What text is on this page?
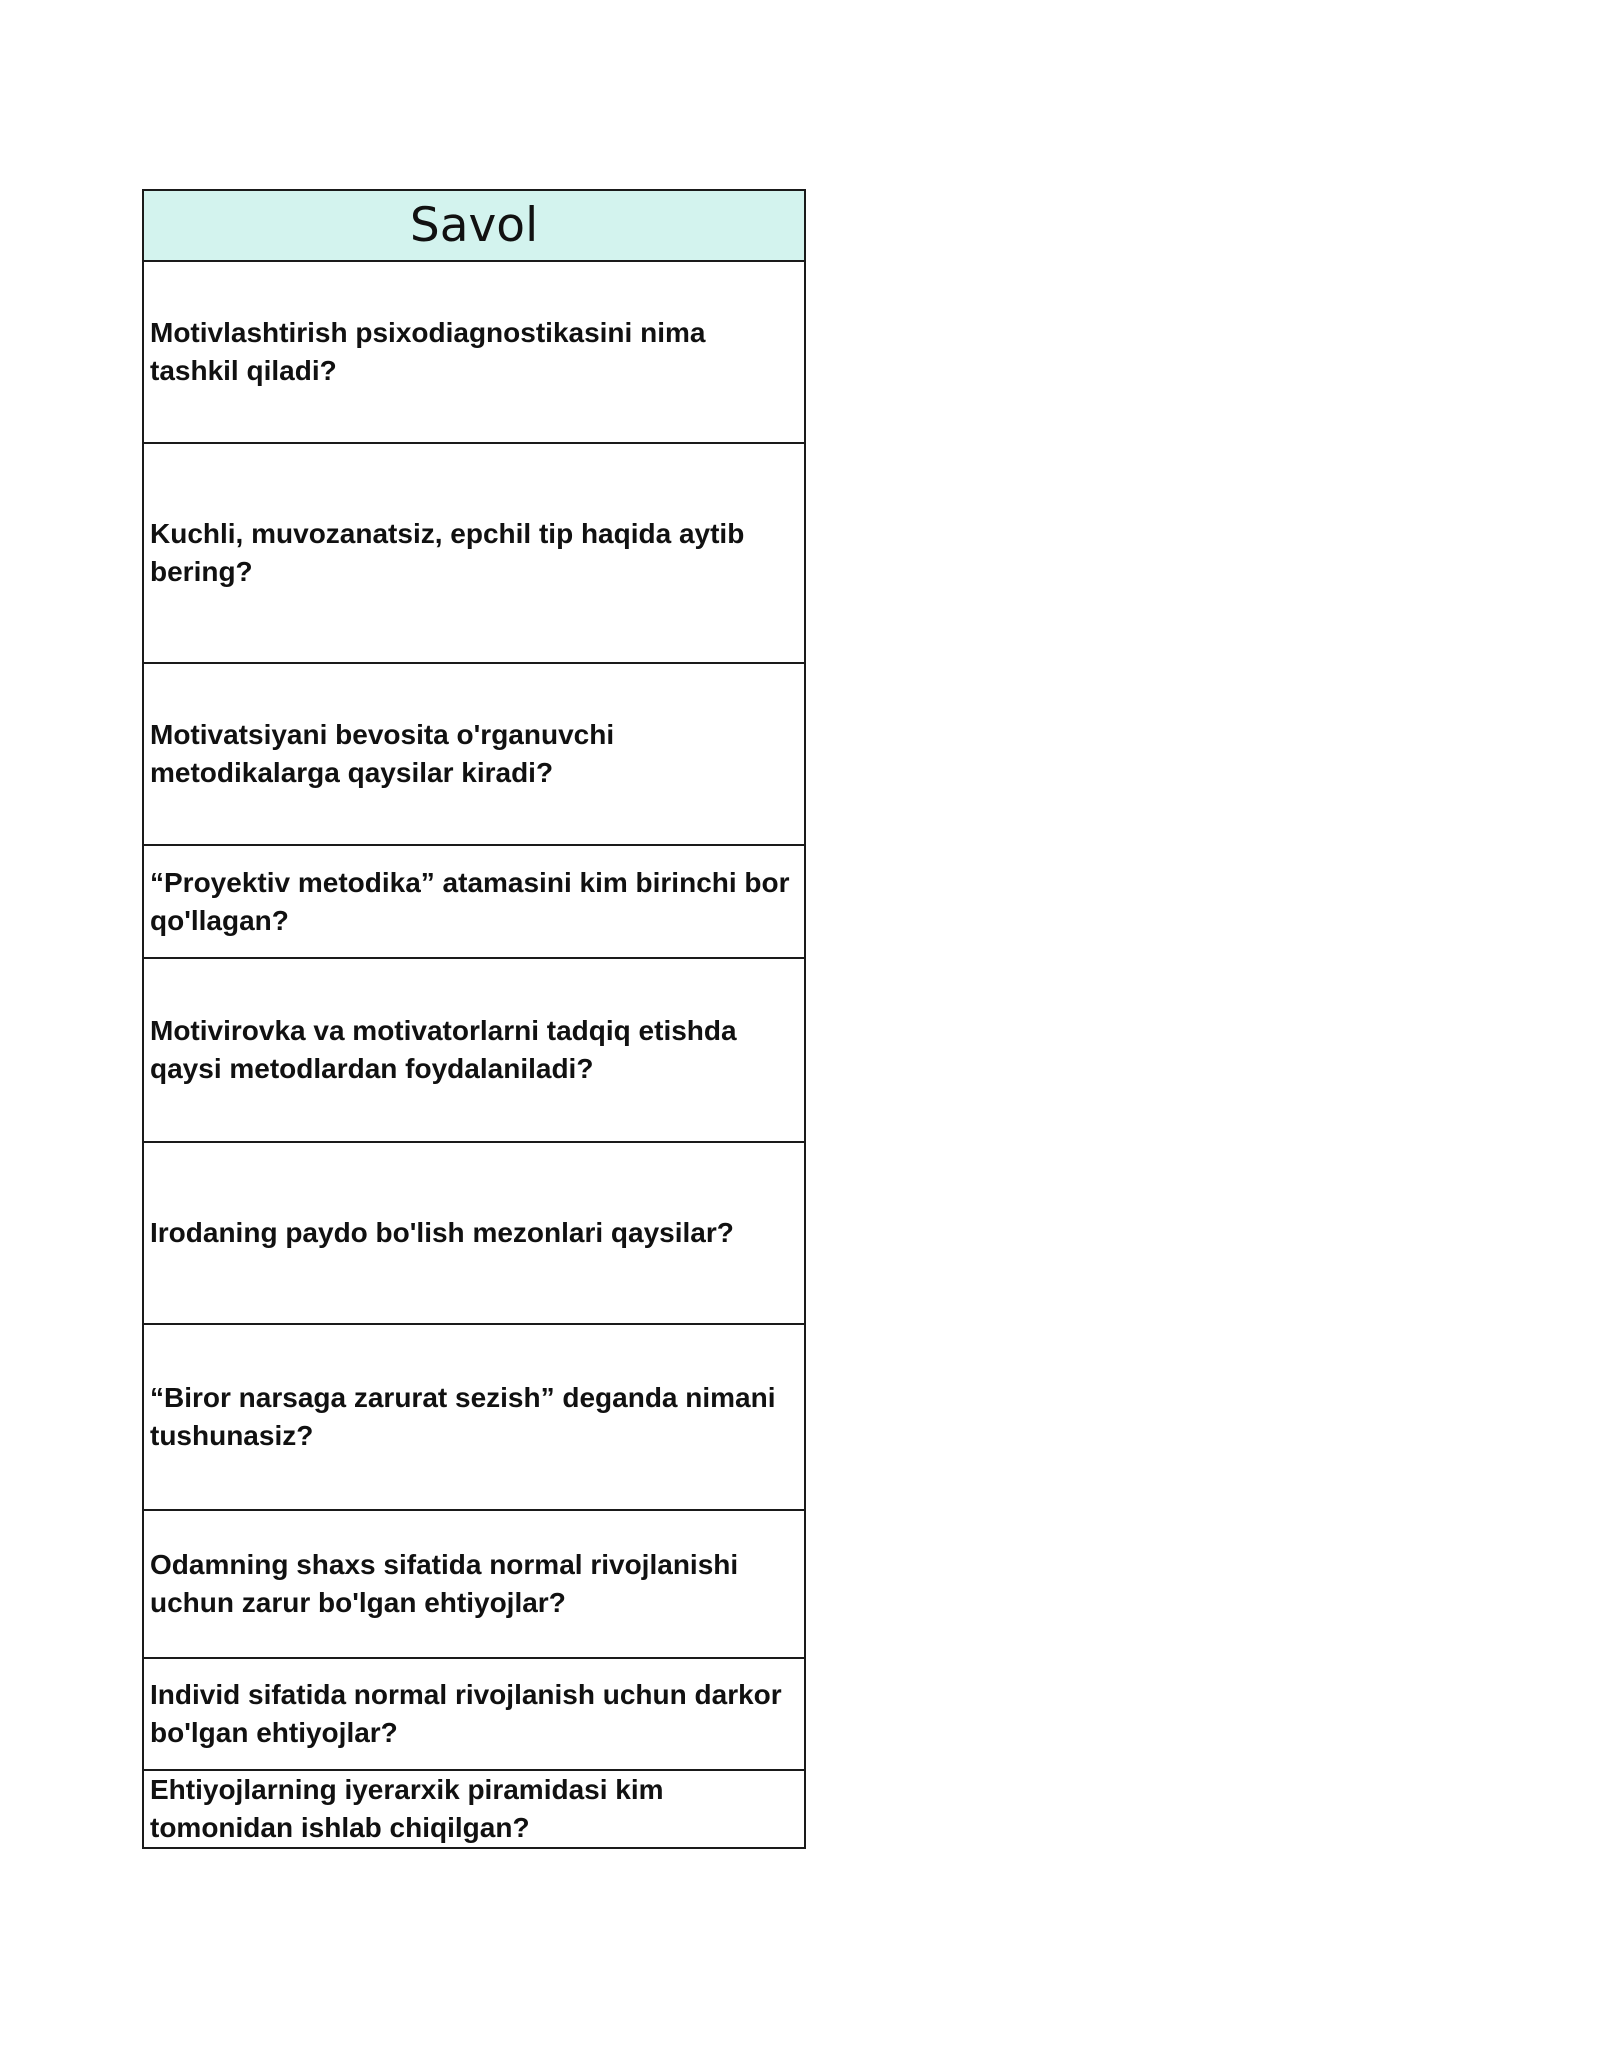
Savol
Motivlashtirish psixodiagnostikasini nima tashkil qiladi?
Kuchli, muvozanatsiz, epchil tip haqida aytib bering?
Motivatsiyani bevosita o'rganuvchi metodikalarga qaysilar kiradi?
“Proyektiv metodika” atamasini kim birinchi bor qo'llagan?
Motivirovka va motivatorlarni tadqiq etishda qaysi metodlardan foydalaniladi?
Irodaning paydo bo'lish mezonlari qaysilar?
“Biror narsaga zarurat sezish” deganda nimani tushunasiz?
Odamning shaxs sifatida normal rivojlanishi uchun zarur bo'lgan ehtiyojlar?
Individ sifatida normal rivojlanish uchun darkor bo'lgan ehtiyojlar?
Ehtiyojlarning iyerarxik piramidasi kim tomonidan ishlab chiqilgan?
